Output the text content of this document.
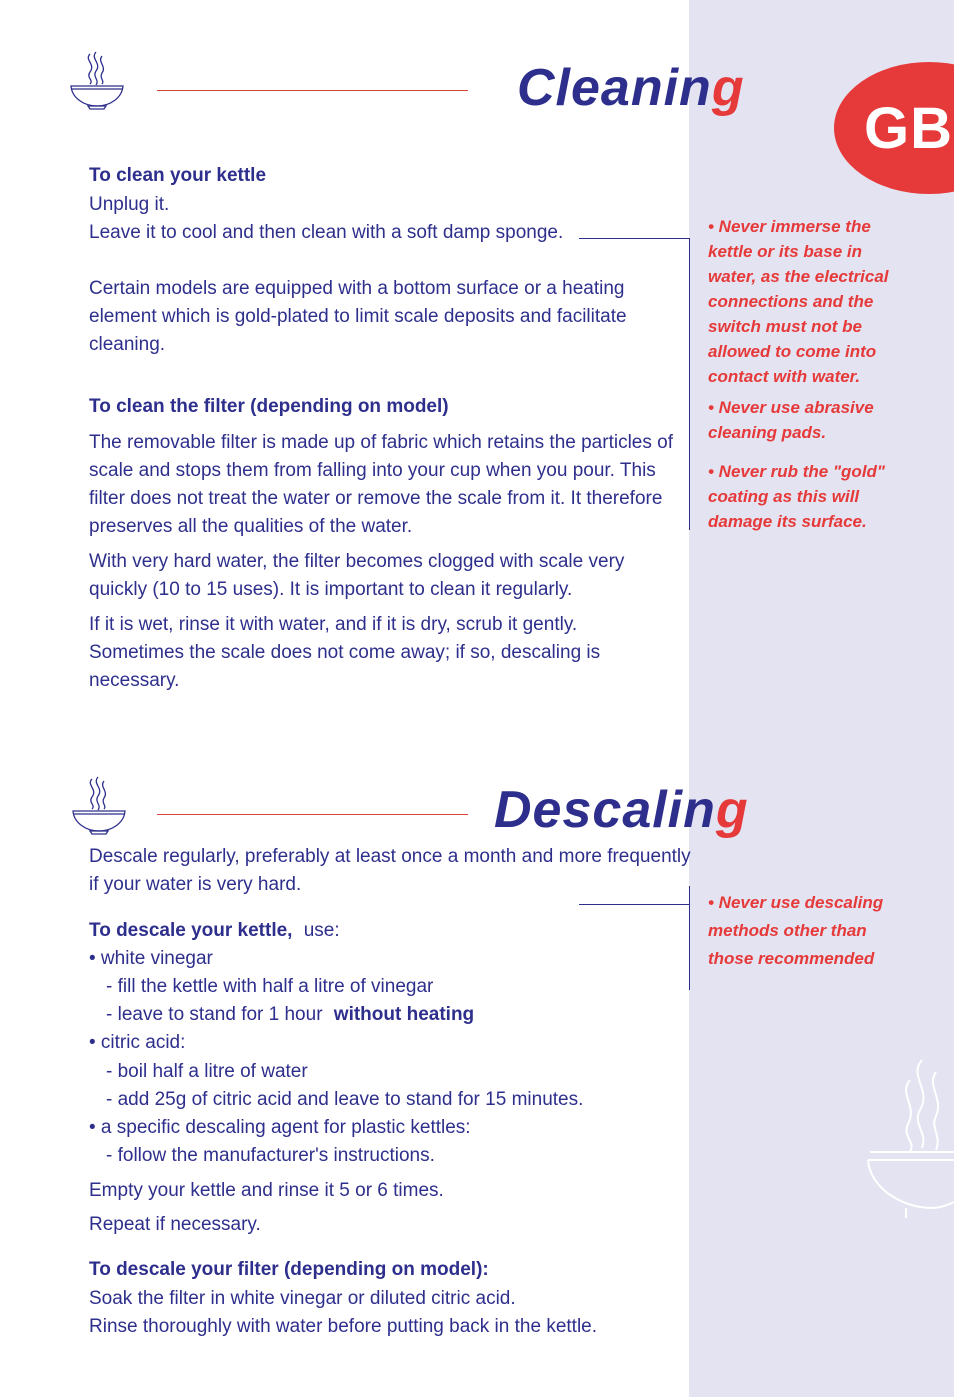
GB
Cleaning
To clean your kettle
Unplug it.
Leave it to cool and then clean with a soft damp sponge.
Certain models are equipped with a bottom surface or a heating
element which is gold-plated to limit scale deposits and facilitate
cleaning.
To clean the filter (depending on model)
The removable filter is made up of fabric which retains the particles of
scale and stops them from falling into your cup when you pour. This
filter does not treat the water or remove the scale from it. It therefore
preserves all the qualities of the water.
With very hard water, the filter becomes clogged with scale very
quickly (10 to 15 uses). It is important to clean it regularly.
If it is wet, rinse it with water, and if it is dry, scrub it gently.
Sometimes the scale does not come away; if so, descaling is
necessary.
• Never immerse the
kettle or its base in
water, as the electrical
connections and the
switch must not be
allowed to come into
contact with water.
• Never use abrasive
cleaning pads.
• Never rub the "gold"
coating as this will
damage its surface.
Descaling
Descale regularly, preferably at least once a month and more frequently
if your water is very hard.
To descale your kettle, use:
• white vinegar
- fill the kettle with half a litre of vinegar
- leave to stand for 1 hour without heating
• citric acid:
- boil half a litre of water
- add 25g of citric acid and leave to stand for 15 minutes.
• a specific descaling agent for plastic kettles:
- follow the manufacturer's instructions.
Empty your kettle and rinse it 5 or 6 times.
Repeat if necessary.
To descale your filter (depending on model):
Soak the filter in white vinegar or diluted citric acid.
Rinse thoroughly with water before putting back in the kettle.
• Never use descaling
methods other than
those recommended
